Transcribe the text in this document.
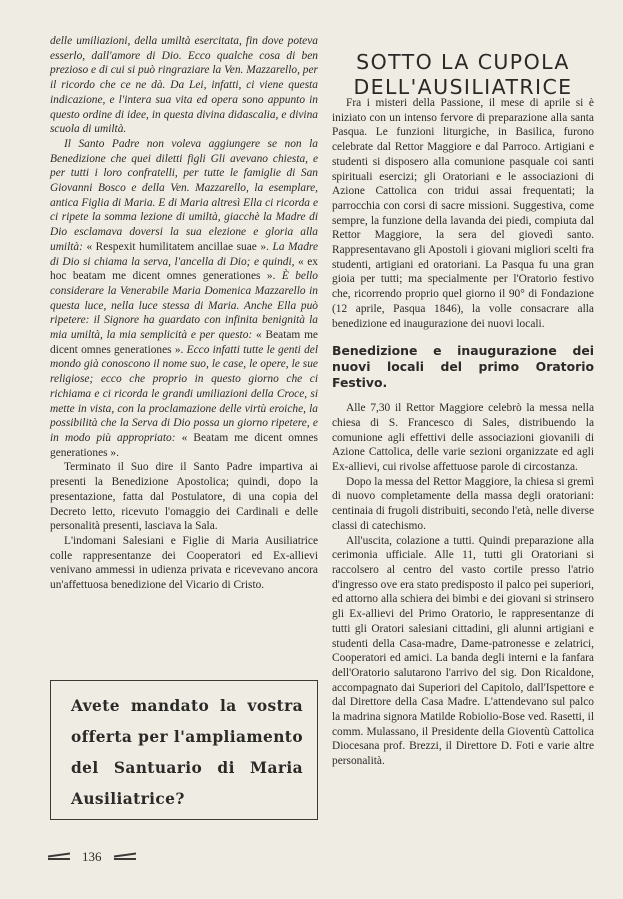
delle umiliazioni, della umiltà esercitata, fin dove poteva esserlo, dall'amore di Dio. Ecco qualche cosa di ben prezioso e di cui si può ringraziare la Ven. Mazzarello, per il ricordo che ce ne dà. Da Lei, infatti, ci viene questa indicazione, e l'intera sua vita ed opera sono appunto in questo ordine di idee, in questa divina didascalia, e divina scuola di umiltà.

Il Santo Padre non voleva aggiungere se non la Benedizione che quei diletti figli Gli avevano chiesta, e per tutti i loro confratelli, per tutte le famiglie di San Giovanni Bosco e della Ven. Mazzarello, la esemplare, antica Figlia di Maria. E di Maria altresì Ella ci ricorda e ci ripete la somma lezione di umiltà, giacchè la Madre di Dio esclamava doversi la sua elezione e gloria alla umiltà: « Respexit humilitatem ancillae suae ». La Madre di Dio si chiama la serva, l'ancella di Dio; e quindi, « ex hoc beatam me dicent omnes generationes ». È bello considerare la Venerabile Maria Domenica Mazzarello in questa luce, nella luce stessa di Maria. Anche Ella può ripetere: il Signore ha guardato con infinita benignità la mia umiltà, la mia semplicità e per questo: « Beatam me dicent omnes generationes ». Ecco infatti tutte le genti del mondo già conoscono il nome suo, le case, le opere, le sue religiose; ecco che proprio in questo giorno che ci richiama e ci ricorda le grandi umiliazioni della Croce, si mette in vista, con la proclamazione delle virtù eroiche, la possibilità che la Serva di Dio possa un giorno ripetere, e in modo più appropriato: « Beatam me dicent omnes generationes ».

Terminato il Suo dire il Santo Padre impartiva ai presenti la Benedizione Apostolica; quindi, dopo la presentazione, fatta dal Postulatore, di una copia del Decreto letto, ricevuto l'omaggio dei Cardinali e delle personalità presenti, lasciava la Sala.

L'indomani Salesiani e Figlie di Maria Ausiliatrice colle rappresentanze dei Cooperatori ed Ex-allievi venivano ammessi in udienza privata e ricevevano ancora un'affettuosa benedizione del Vicario di Cristo.

Avete mandato la vostra offerta per l'ampliamento del Santuario di Maria Ausiliatrice?

SOTTO LA CUPOLA DELL'AUSILIATRICE

Fra i misteri della Passione, il mese di aprile si è iniziato con un intenso fervore di preparazione alla santa Pasqua. Le funzioni liturgiche, in Basilica, furono celebrate dal Rettor Maggiore e dal Parroco. Artigiani e studenti si disposero alla comunione pasquale coi santi spirituali esercizi; gli Oratoriani e le associazioni di Azione Cattolica con tridui assai frequentati; la parrocchia con corsi di sacre missioni. Suggestiva, come sempre, la funzione della lavanda dei piedi, compiuta dal Rettor Maggiore, la sera del giovedì santo. Rappresentavano gli Apostoli i giovani migliori scelti fra studenti, artigiani ed oratoriani. La Pasqua fu una gran gioia per tutti; ma specialmente per l'Oratorio festivo che, ricorrendo proprio quel giorno il 90° di Fondazione (12 aprile, Pasqua 1846), la volle consacrare alla benedizione ed inaugurazione dei nuovi locali.

Benedizione e inaugurazione dei nuovi locali del primo Oratorio Festivo.

Alle 7,30 il Rettor Maggiore celebrò la messa nella chiesa di S. Francesco di Sales, distribuendo la comunione agli effettivi delle associazioni giovanili di Azione Cattolica, delle varie sezioni organizzate ed agli Ex-allievi, cui rivolse affettuose parole di circostanza.

Dopo la messa del Rettor Maggiore, la chiesa si gremì di nuovo completamente della massa degli oratoriani: centinaia di frugoli distribuiti, secondo l'età, nelle diverse classi di catechismo.

All'uscita, colazione a tutti. Quindi preparazione alla cerimonia ufficiale. Alle 11, tutti gli Oratoriani si raccolsero al centro del vasto cortile presso l'atrio d'ingresso ove era stato predisposto il palco pei superiori, ed attorno alla schiera dei bimbi e dei giovani si strinsero gli Ex-allievi del Primo Oratorio, le rappresentanze di tutti gli Oratori salesiani cittadini, gli alunni artigiani e studenti della Casa-madre, Dame-patronesse e zelatrici, Cooperatori ed amici. La banda degli interni e la fanfara dell'Oratorio salutarono l'arrivo del sig. Don Ricaldone, accompagnato dai Superiori del Capitolo, dall'Ispettore e dal Direttore della Casa Madre. L'attendevano sul palco la madrina signora Matilde Robiolio-Bose ved. Rasetti, il comm. Mulassano, il Presidente della Gioventù Cattolica Diocesana prof. Brezzi, il Direttore D. Foti e varie altre personalità.

136
